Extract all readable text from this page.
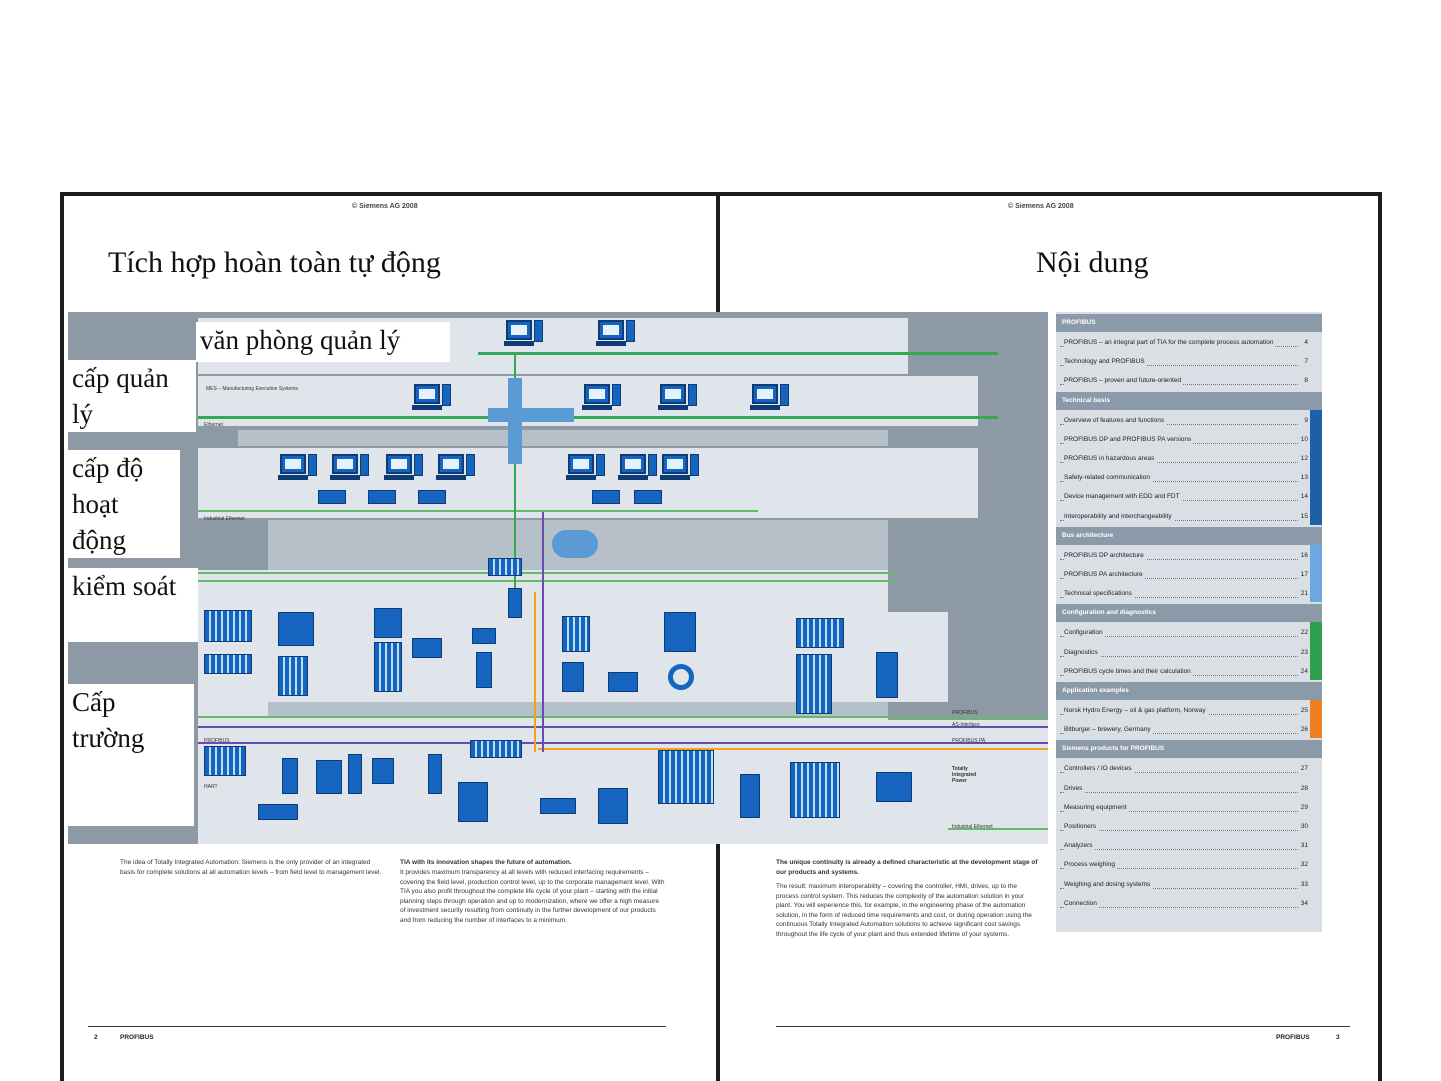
© Siemens AG 2008
Tích hợp hoàn toàn tự động
MES – Manufacturing Execution Systems
Ethernet
Industrial Ethernet
PROFIBUS
HART
PROFIBUS
AS-Interface
PROFIBUS PA
Totally Integrated Power
Industrial Ethernet
văn phòng quản lý
cấp quản lý
cấp độ hoạt động
kiểm soát
Cấp trường
The idea of Totally Integrated Automation: Siemens is the only provider of an integrated basis for complete solutions at all automation levels – from field level to management level.
TIA with its innovation shapes the future of automation.
It provides maximum transparency at all levels with reduced interfacing requirements – covering the field level, production control level, up to the corporate management level. With TIA you also profit throughout the complete life cycle of your plant – starting with the initial planning steps through operation and up to modernization, where we offer a high measure of investment security resulting from continuity in the further development of our products and from reducing the number of interfaces to a minimum.
2	PROFIBUS
© Siemens AG 2008
Nội dung
PROFIBUS
PROFIBUS – an integral part of TIA for the complete process automation	4
Technology and PROFIBUS	7
PROFIBUS – proven and future-oriented	8
Technical basis
Overview of features and functions	9
PROFIBUS DP and PROFIBUS PA versions	10
PROFIBUS in hazardous areas	12
Safety-related communication	13
Device management with EDD and FDT	14
Interoperability and interchangeability	15
Bus architecture
PROFIBUS DP architecture	16
PROFIBUS PA architecture	17
Technical specifications	21
Configuration and diagnostics
Configuration	22
Diagnostics	23
PROFIBUS cycle times and their calculation	24
Application examples
Norsk Hydro Energy – oil & gas platform, Norway	25
Bitburger – brewery, Germany	26
Siemens products for PROFIBUS
Controllers / IO devices	27
Drives	28
Measuring equipment	29
Positioners	30
Analyzers	31
Process weighing	32
Weighing and dosing systems	33
Connection	34
The unique continuity is already a defined characteristic at the development stage of our products and systems.
The result: maximum interoperability – covering the controller, HMI, drives, up to the process control system. This reduces the complexity of the automation solution in your plant. You will experience this, for example, in the engineering phase of the automation solution, in the form of reduced time requirements and cost, or during operation using the continuous Totally Integrated Automation solutions to achieve significant cost savings throughout the life cycle of your plant and thus extended lifetime of your systems.
PROFIBUS	3
